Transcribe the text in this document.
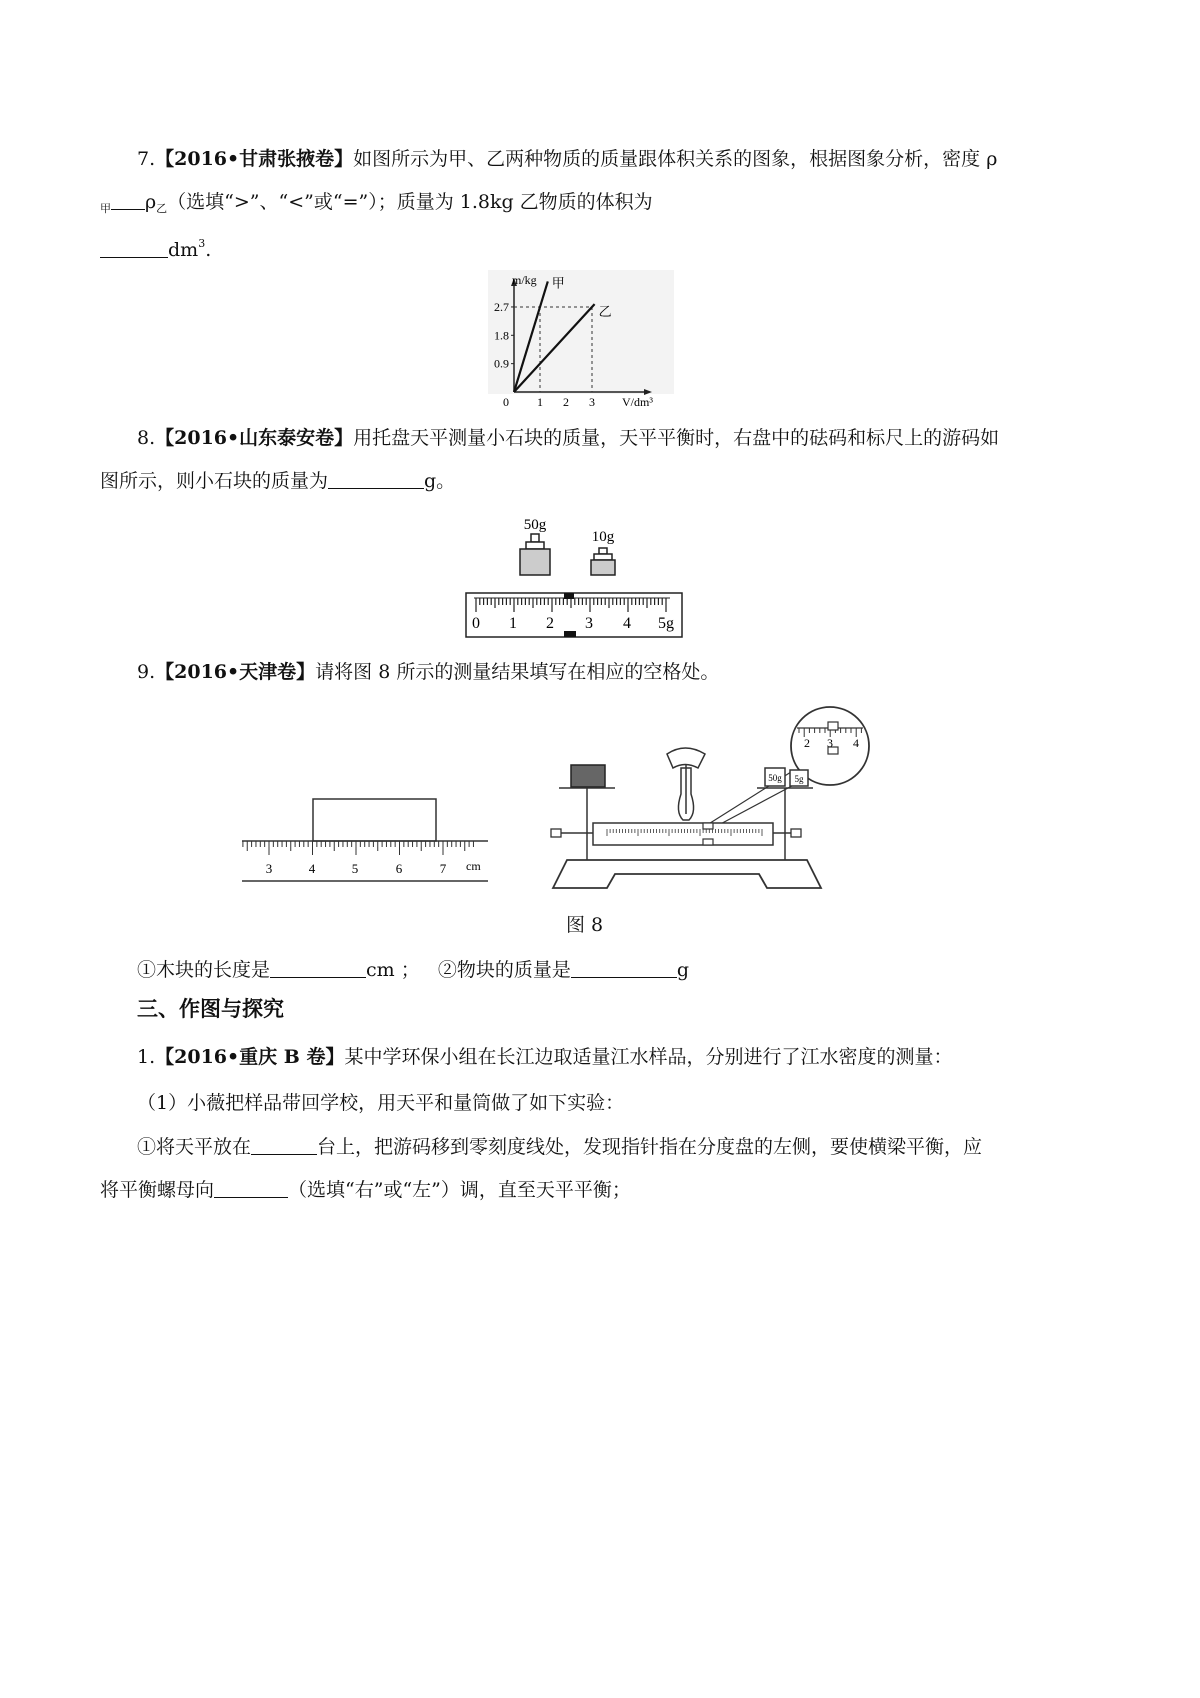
7.【2016•甘肃张掖卷】如图所示为甲、乙两种物质的质量跟体积关系的图象，根据图象分析，密度 ρ
$_甲$ $\rho_乙$（选填“>”、“<”或“=”）；质量为 1.8kg 乙物质的体积为
$dm^3$.
0 1 2 3
0.9
1.8
2.7
甲
乙
m/kg
V/dm³
8.【2016•山东泰安卷】用托盘天平测量小石块的质量，天平平衡时，右盘中的砝码和标尺上的游码如
图所示，则小石块的质量为	g。
50g
10g
0 1 2 3 4 5g
9.【2016•天津卷】请将图 8 所示的测量结果填写在相应的空格处。
3	4	5	6	7 cm
2 3 4
50g 5g
图 8
①木块的长度是	cm ； ②物块的质量是	g
三、作图与探究
1.【2016•重庆 B 卷】某中学环保小组在长江边取适量江水样品，分别进行了江水密度的测量：
（1）小薇把样品带回学校，用天平和量筒做了如下实验：
①将天平放在	台上，把游码移到零刻度线处，发现指针指在分度盘的左侧，要使横梁平衡，应
将平衡螺母向	（选填“右”或“左”）调，直至天平平衡；
